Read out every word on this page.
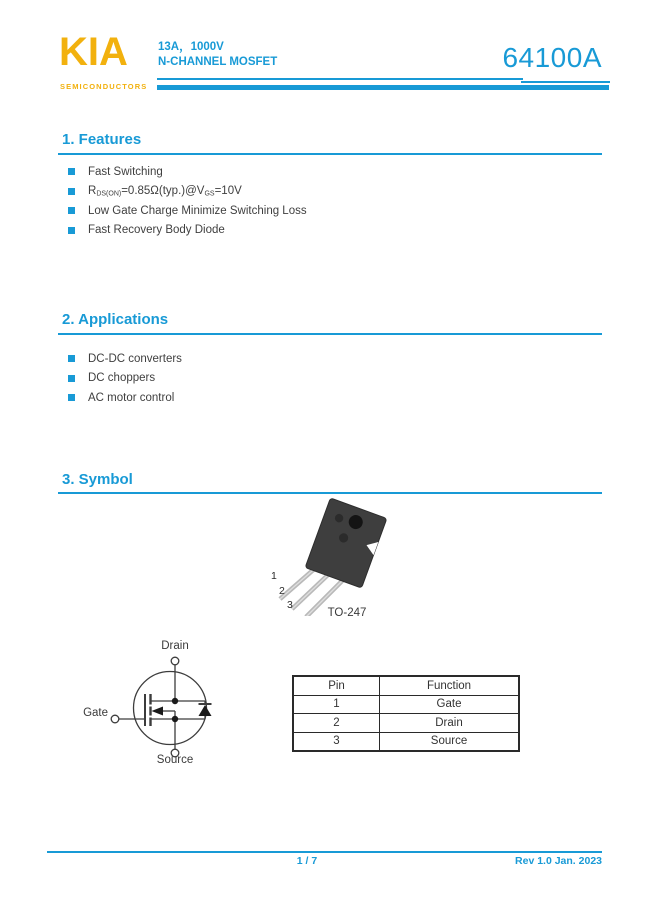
KIA
SEMICONDUCTORS
13A，1000V
N-CHANNEL MOSFET	64100A
1. Features
Fast Switching
$R_{DS(ON)}=0.85\Omega(typ.)@V_{GS}=10V$
Low Gate Charge Minimize Switching Loss
Fast Recovery Body Diode
2. Applications
DC-DC converters
DC choppers
AC motor control
3. Symbol
1
2
3
TO-247
Drain
Gate
Source
Pin	Function
1	Gate
2	Drain
3	Source
1 / 7	Rev 1.0 Jan. 2023
